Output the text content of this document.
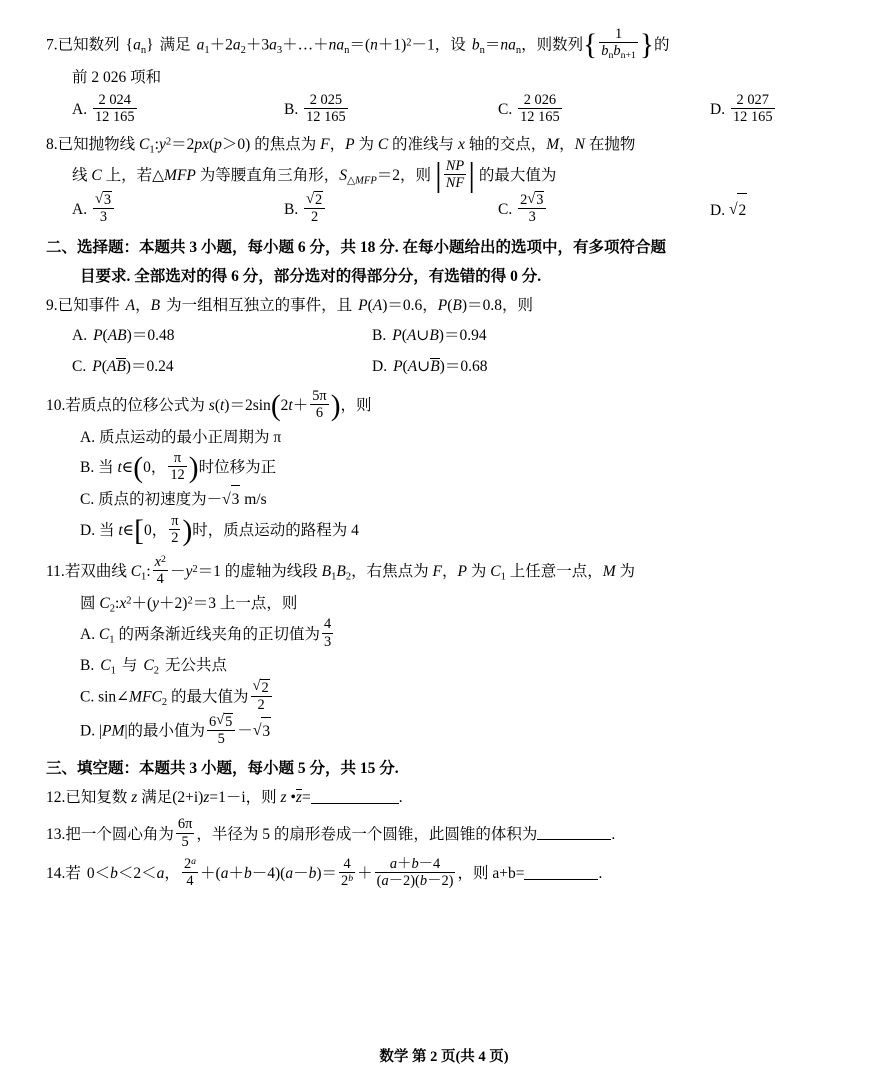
7.已知数列 $\{a_n\}$ 满足 $a_1+2a_2+3a_3+\dots+na_n=(n+1)^2-1$，设 $b_n=na_n$，则数列{ $\frac{1}{b_nb_{n+1}}$ }的
前 2 026 项和
A. $\frac{2 024}{12 165}$	B. $\frac{2 025}{12 165}$	C. $\frac{2 026}{12 165}$	D. $\frac{2 027}{12 165}$
8.已知抛物线 $C_1:y^2=2px(p>0)$ 的焦点为 F，P 为 C 的准线与 x 轴的交点，M，N 在抛物
线 C 上，若△MFP 为等腰直角三角形，$S_{\triangle MFP}=2$，则 | $\frac{NP}{NF}$ | 的最大值为
A. √ $\frac{3}{3}$	B. √ $\frac{2}{2}$	C. $\frac{2 √ 3}{3}$	D. √ 2
二、选择题：本题共 3 小题，每小题 6 分，共 18 分. 在每小题给出的选项中，有多项符合题
目要求. 全部选对的得 6 分，部分选对的得部分分，有选错的得 0 分.
9.已知事件 A，B 为一组相互独立的事件，且 P(A)＝0.6，P(B)＝0.8，则
A. P(AB)＝0.48	B. P(A∪B)＝0.94
C. P(AB)＝0.24	D. P(A∪B)＝0.68
10.若质点的位移公式为 $s(t)=2\sin(2t+ \frac{5\pi}{6}$ )，则
A. 质点运动的最小正周期为 π
B. 当 t∈(0， $\frac{\pi}{12}$ )时位移为正
C. 质点的初速度为－ √ 3 m/s
D. 当 t∈[0， $\frac{\pi}{2}$ )时，质点运动的路程为 4
11.若双曲线 $C_1$: $\frac{x^2}{4} -y^2=1$ 的虚轴为线段 $B_1B_2$，右焦点为 F，P 为 $C_1$ 上任意一点，M 为
圆 $C_2:x^2+(y+2)^2=3$ 上一点，则
A. $C_1$ 的两条渐近线夹角的正切值为 $\frac{4}{3}$
B. $C_1$ 与 $C_2$ 无公共点
C. $\sin\angle MFC_2$ 的最大值为 √ $\frac{2}{2}$
D. |PM|的最小值为 $\frac{6 √ 5}{5}$ － √ 3
三、填空题：本题共 3 小题，每小题 5 分，共 15 分.
12.已知复数 z 满足(2+i)z=1－i，则 z •z=	.
13.把一个圆心角为 $\frac{6\pi}{5}$ ，半径为 5 的扇形卷成一个圆锥，此圆锥的体积为	.
14.若 0＜b＜2＜a， $\frac{2^a}{4} +(a+b-4)(a-b)= \frac{4}{2^b} + \frac{a+b-4}{(a-2)(b-2)}$ ，则 a+b=	.
数学 第 2 页(共 4 页)
